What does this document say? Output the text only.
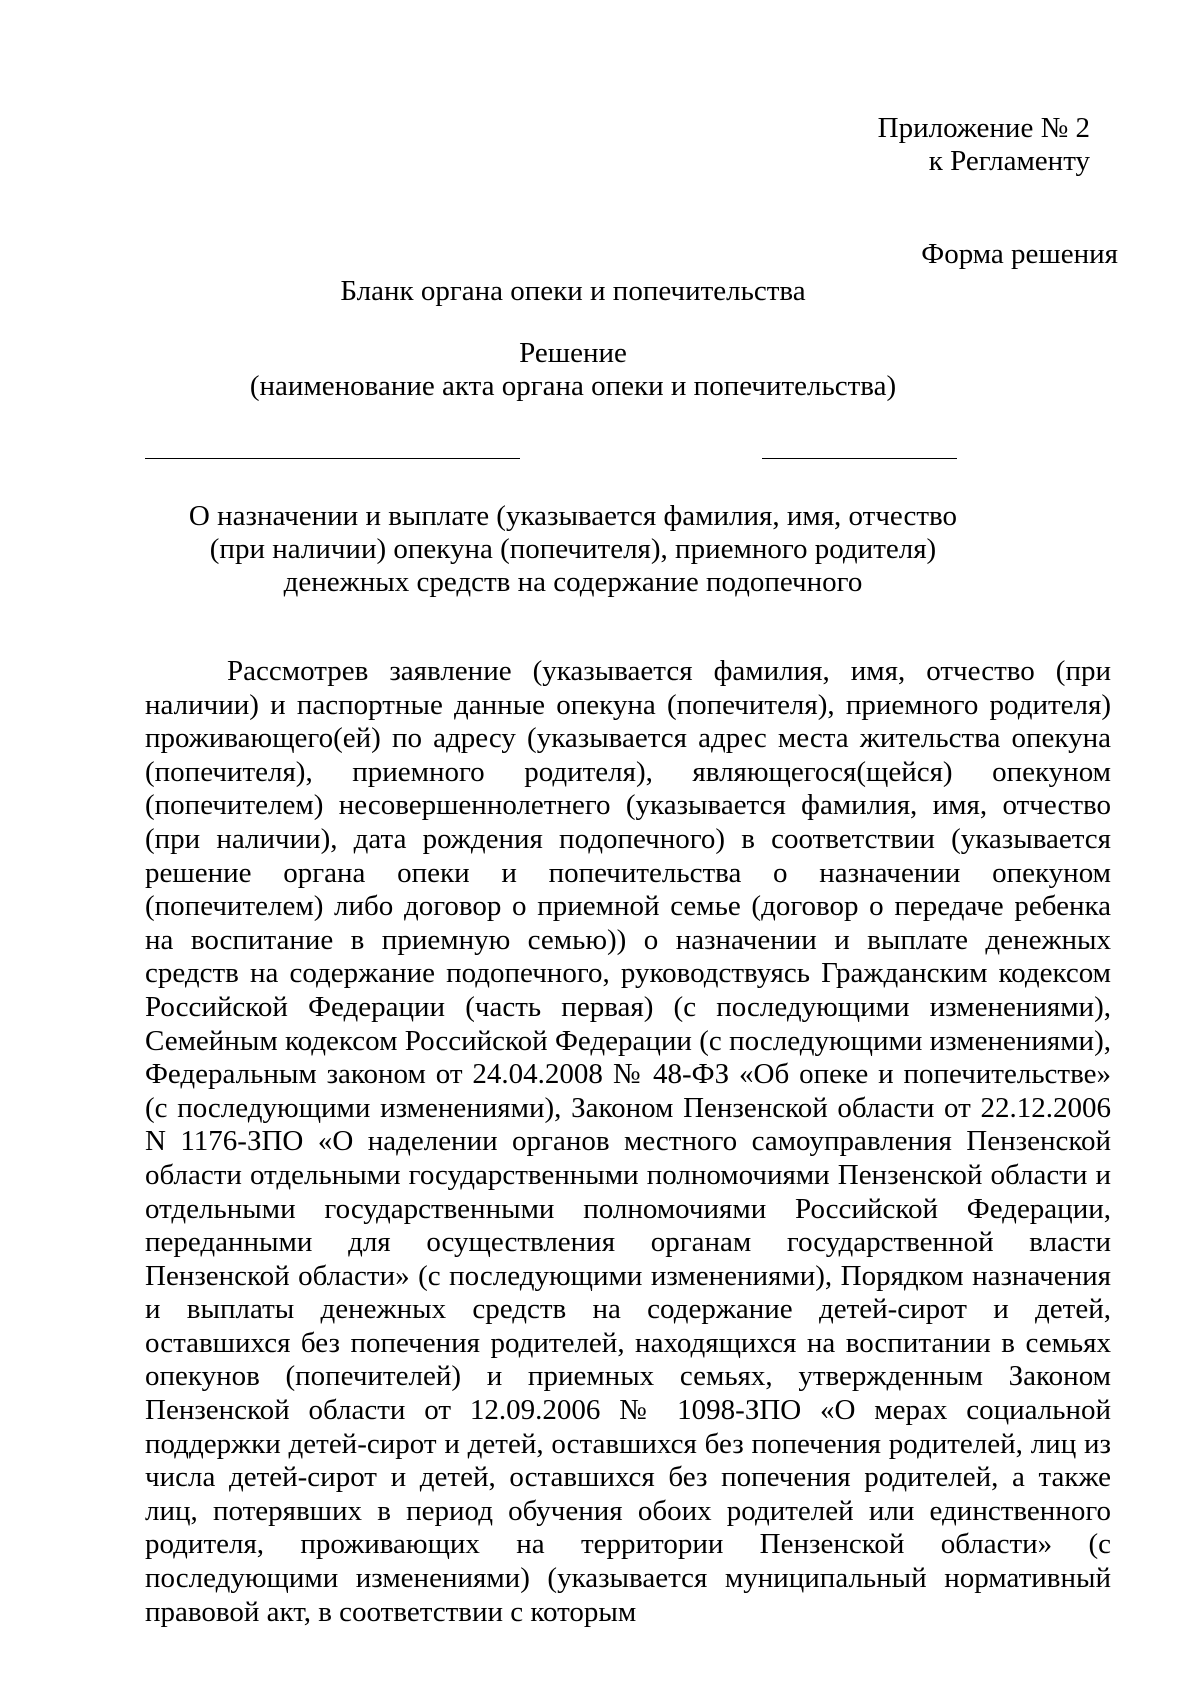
Приложение № 2
к Регламенту
Форма решения
Бланк органа опеки и попечительства
Решение
(наименование акта органа опеки и попечительства)
О назначении и выплате (указывается фамилия, имя, отчество
(при наличии) опекуна (попечителя), приемного родителя)
денежных средств на содержание подопечного

Рассмотрев заявление (указывается фамилия, имя, отчество (при наличии) и паспортные данные опекуна (попечителя), приемного родителя) проживающего(ей) по адресу (указывается адрес места жительства опекуна (попечителя), приемного родителя), являющегося(щейся) опекуном (попечителем) несовершеннолетнего (указывается фамилия, имя, отчество (при наличии), дата рождения подопечного) в соответствии (указывается решение органа опеки и попечительства о назначении опекуном (попечителем) либо договор о приемной семье (договор о передаче ребенка на воспитание в приемную семью)) о назначении и выплате денежных средств на содержание подопечного, руководствуясь Гражданским кодексом Российской Федерации (часть первая) (с последующими изменениями), Семейным кодексом Российской Федерации (с последующими изменениями), Федеральным законом от 24.04.2008 № 48-ФЗ «Об опеке и попечительстве» (с последующими изменениями), Законом Пензенской области от 22.12.2006 N 1176-ЗПО «О наделении органов местного самоуправления Пензенской области отдельными государственными полномочиями Пензенской области и отдельными государственными полномочиями Российской Федерации, переданными для осуществления органам государственной власти Пензенской области» (с последующими изменениями), Порядком назначения и выплаты денежных средств на содержание детей-сирот и детей, оставшихся без попечения родителей, находящихся на воспитании в семьях опекунов (попечителей) и приемных семьях, утвержденным Законом Пензенской области от 12.09.2006 № 1098-ЗПО «О мерах социальной поддержки детей-сирот и детей, оставшихся без попечения родителей, лиц из числа детей-сирот и детей, оставшихся без попечения родителей, а также лиц, потерявших в период обучения обоих родителей или единственного родителя, проживающих на территории Пензенской области» (с последующими изменениями) (указывается муниципальный нормативный правовой акт, в соответствии с которым
